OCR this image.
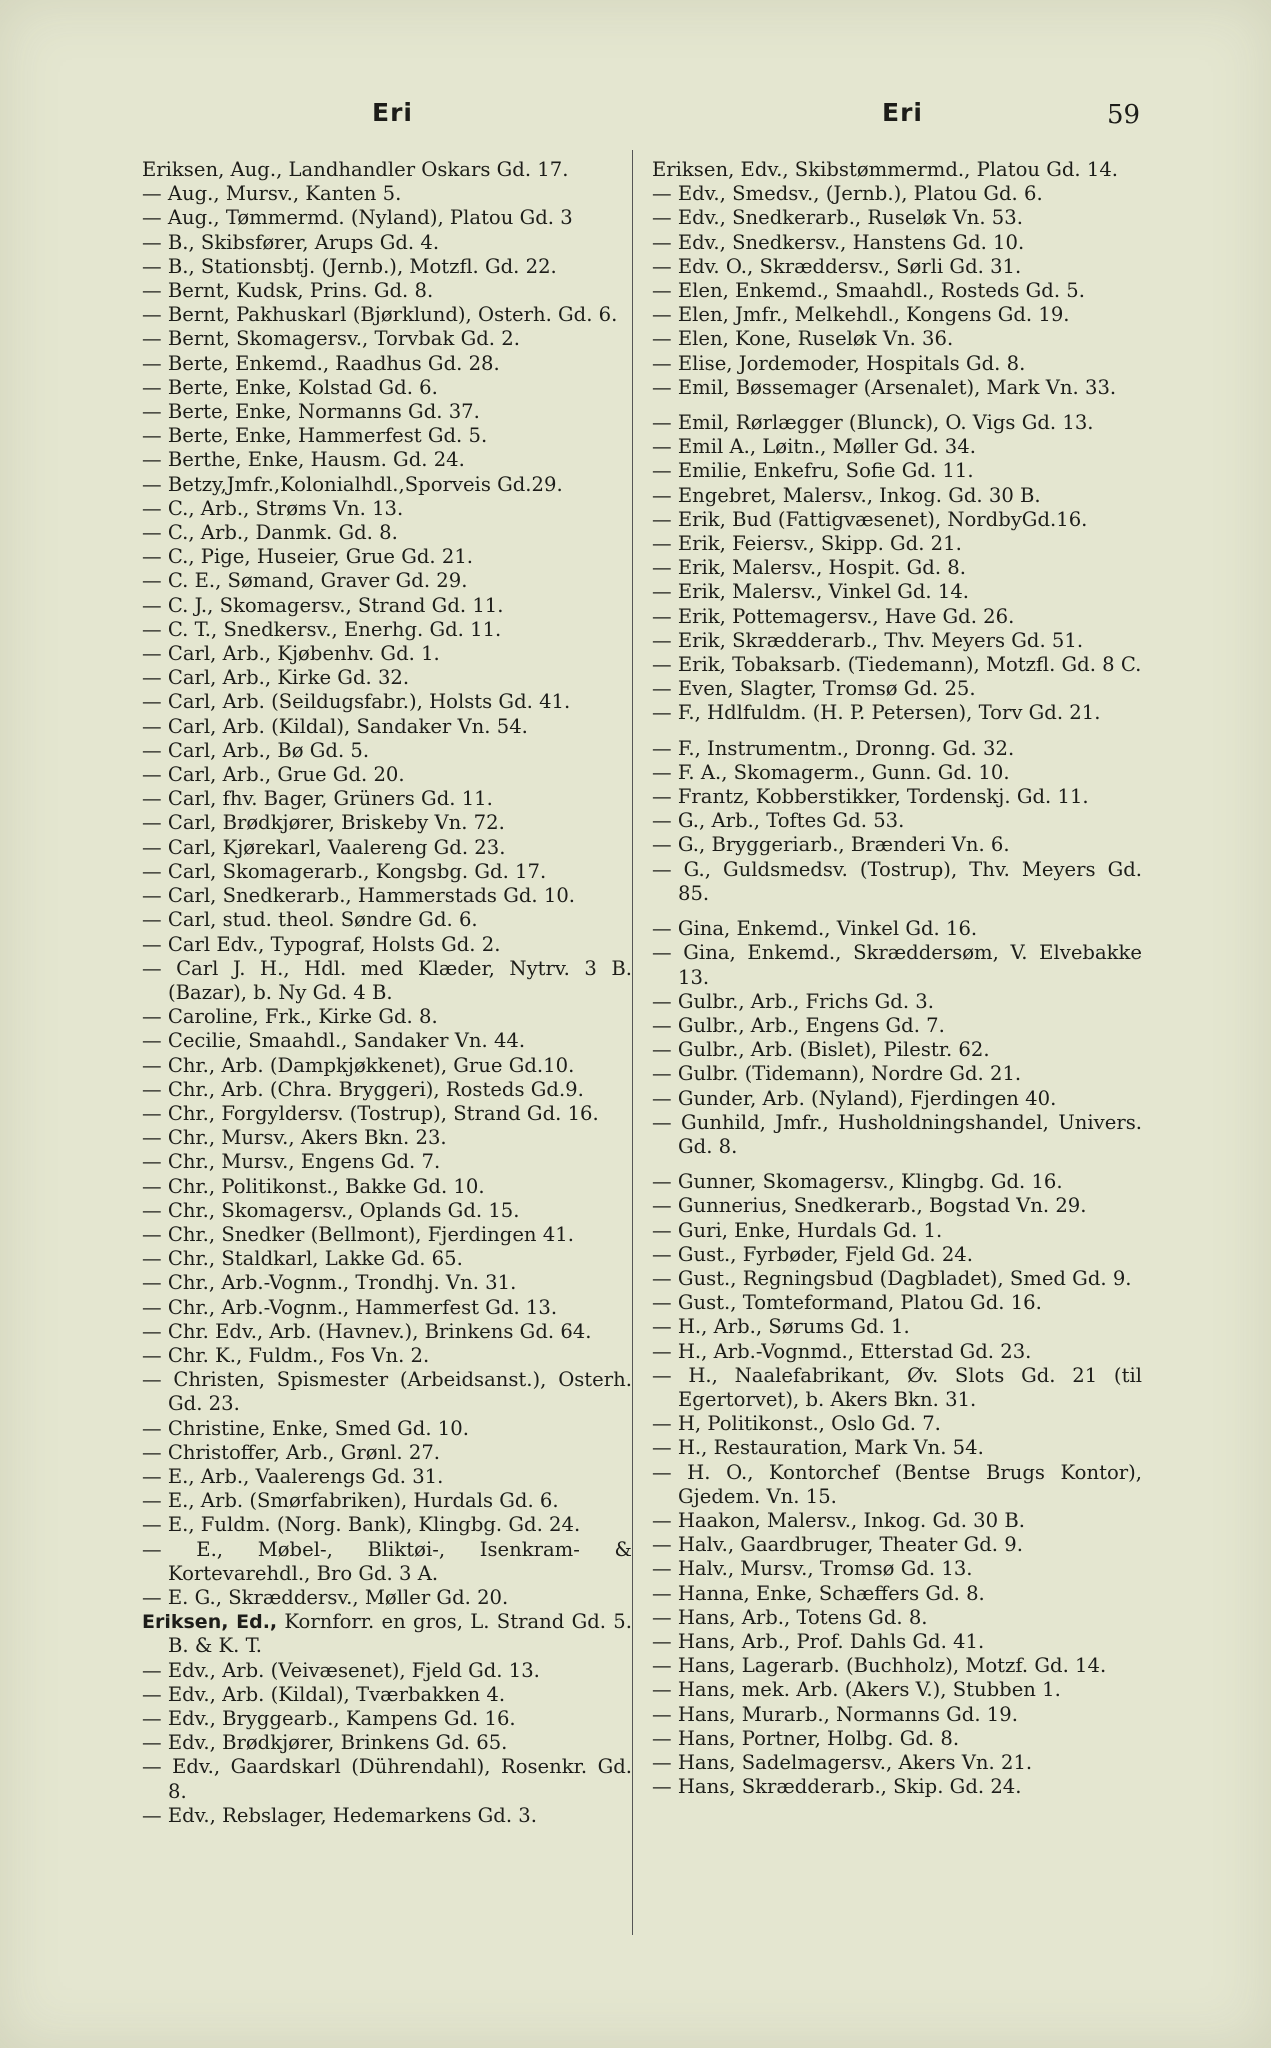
Eri	Eri	59
Eriksen, Aug., Landhandler Oskars Gd. 17.
— Aug., Mursv., Kanten 5.
— Aug., Tømmermd. (Nyland), Platou Gd. 3
— B., Skibsfører, Arups Gd. 4.
— B., Stationsbtj. (Jernb.), Motzfl. Gd. 22.
— Bernt, Kudsk, Prins. Gd. 8.
— Bernt, Pakhuskarl (Bjørklund), Osterh. Gd. 6.
— Bernt, Skomagersv., Torvbak Gd. 2.
— Berte, Enkemd., Raadhus Gd. 28.
— Berte, Enke, Kolstad Gd. 6.
— Berte, Enke, Normanns Gd. 37.
— Berte, Enke, Hammerfest Gd. 5.
— Berthe, Enke, Hausm. Gd. 24.
— Betzy,Jmfr.,Kolonialhdl.,Sporveis Gd.29.
— C., Arb., Strøms Vn. 13.
— C., Arb., Danmk. Gd. 8.
— C., Pige, Huseier, Grue Gd. 21.
— C. E., Sømand, Graver Gd. 29.
— C. J., Skomagersv., Strand Gd. 11.
— C. T., Snedkersv., Enerhg. Gd. 11.
— Carl, Arb., Kjøbenhv. Gd. 1.
— Carl, Arb., Kirke Gd. 32.
— Carl, Arb. (Seildugsfabr.), Holsts Gd. 41.
— Carl, Arb. (Kildal), Sandaker Vn. 54.
— Carl, Arb., Bø Gd. 5.
— Carl, Arb., Grue Gd. 20.
— Carl, fhv. Bager, Grüners Gd. 11.
— Carl, Brødkjører, Briskeby Vn. 72.
— Carl, Kjørekarl, Vaalereng Gd. 23.
— Carl, Skomagerarb., Kongsbg. Gd. 17.
— Carl, Snedkerarb., Hammerstads Gd. 10.
— Carl, stud. theol. Søndre Gd. 6.
— Carl Edv., Typograf, Holsts Gd. 2.
— Carl J. H., Hdl. med Klæder, Nytrv. 3 B. (Bazar), b. Ny Gd. 4 B.
— Caroline, Frk., Kirke Gd. 8.
— Cecilie, Smaahdl., Sandaker Vn. 44.
— Chr., Arb. (Dampkjøkkenet), Grue Gd.10.
— Chr., Arb. (Chra. Bryggeri), Rosteds Gd.9.
— Chr., Forgyldersv. (Tostrup), Strand Gd. 16.
— Chr., Mursv., Akers Bkn. 23.
— Chr., Mursv., Engens Gd. 7.
— Chr., Politikonst., Bakke Gd. 10.
— Chr., Skomagersv., Oplands Gd. 15.
— Chr., Snedker (Bellmont), Fjerdingen 41.
— Chr., Staldkarl, Lakke Gd. 65.
— Chr., Arb.-Vognm., Trondhj. Vn. 31.
— Chr., Arb.-Vognm., Hammerfest Gd. 13.
— Chr. Edv., Arb. (Havnev.), Brinkens Gd. 64.
— Chr. K., Fuldm., Fos Vn. 2.
— Christen, Spismester (Arbeidsanst.), Osterh. Gd. 23.
— Christine, Enke, Smed Gd. 10.
— Christoffer, Arb., Grønl. 27.
— E., Arb., Vaalerengs Gd. 31.
— E., Arb. (Smørfabriken), Hurdals Gd. 6.
— E., Fuldm. (Norg. Bank), Klingbg. Gd. 24.
— E., Møbel-, Bliktøi-, Isenkram- & Kortevarehdl., Bro Gd. 3 A.
— E. G., Skræddersv., Møller Gd. 20.
Eriksen, Ed., Kornforr. en gros, L. Strand Gd. 5. B. & K. T.
— Edv., Arb. (Veivæsenet), Fjeld Gd. 13.
— Edv., Arb. (Kildal), Tværbakken 4.
— Edv., Bryggearb., Kampens Gd. 16.
— Edv., Brødkjører, Brinkens Gd. 65.
— Edv., Gaardskarl (Dührendahl), Rosenkr. Gd. 8.
— Edv., Rebslager, Hedemarkens Gd. 3.
Eriksen, Edv., Skibstømmermd., Platou Gd. 14.
— Edv., Smedsv., (Jernb.), Platou Gd. 6.
— Edv., Snedkerarb., Ruseløk Vn. 53.
— Edv., Snedkersv., Hanstens Gd. 10.
— Edv. O., Skræddersv., Sørli Gd. 31.
— Elen, Enkemd., Smaahdl., Rosteds Gd. 5.
— Elen, Jmfr., Melkehdl., Kongens Gd. 19.
— Elen, Kone, Ruseløk Vn. 36.
— Elise, Jordemoder, Hospitals Gd. 8.
— Emil, Bøssemager (Arsenalet), Mark Vn. 33.
— Emil, Rørlægger (Blunck), O. Vigs Gd. 13.
— Emil A., Løitn., Møller Gd. 34.
— Emilie, Enkefru, Sofie Gd. 11.
— Engebret, Malersv., Inkog. Gd. 30 B.
— Erik, Bud (Fattigvæsenet), NordbyGd.16.
— Erik, Feiersv., Skipp. Gd. 21.
— Erik, Malersv., Hospit. Gd. 8.
— Erik, Malersv., Vinkel Gd. 14.
— Erik, Pottemagersv., Have Gd. 26.
— Erik, Skræddeгarb., Thv. Meyers Gd. 51.
— Erik, Tobaksarb. (Tiedemann), Motzfl. Gd. 8 C.
— Even, Slagter, Tromsø Gd. 25.
— F., Hdlfuldm. (H. P. Petersen), Torv Gd. 21.
— F., Instrumentm., Dronng. Gd. 32.
— F. A., Skomagerm., Gunn. Gd. 10.
— Frantz, Kobberstikker, Tordenskj. Gd. 11.
— G., Arb., Toftes Gd. 53.
— G., Bryggeriarb., Brænderi Vn. 6.
— G., Guldsmedsv. (Tostrup), Thv. Meyers Gd. 85.
— Gina, Enkemd., Vinkel Gd. 16.
— Gina, Enkemd., Skræddersøm, V. Elvebakke 13.
— Gulbr., Arb., Frichs Gd. 3.
— Gulbr., Arb., Engens Gd. 7.
— Gulbr., Arb. (Bislet), Pilestr. 62.
— Gulbr. (Tidemann), Nordre Gd. 21.
— Gunder, Arb. (Nyland), Fjerdingen 40.
— Gunhild, Jmfr., Husholdningshandel, Univers. Gd. 8.
— Gunner, Skomagersv., Klingbg. Gd. 16.
— Gunnerius, Snedkerarb., Bogstad Vn. 29.
— Guri, Enke, Hurdals Gd. 1.
— Gust., Fyrbøder, Fjeld Gd. 24.
— Gust., Regningsbud (Dagbladet), Smed Gd. 9.
— Gust., Tomteformand, Platou Gd. 16.
— H., Arb., Sørums Gd. 1.
— H., Arb.-Vognmd., Etterstad Gd. 23.
— H., Naalefabrikant, Øv. Slots Gd. 21 (til Egertorvet), b. Akers Bkn. 31.
— H, Politikonst., Oslo Gd. 7.
— H., Restauration, Mark Vn. 54.
— H. O., Kontorchef (Bentse Brugs Kontor), Gjedem. Vn. 15.
— Haakon, Malersv., Inkog. Gd. 30 B.
— Halv., Gaardbruger, Theater Gd. 9.
— Halv., Mursv., Tromsø Gd. 13.
— Hanna, Enke, Schæffers Gd. 8.
— Hans, Arb., Totens Gd. 8.
— Hans, Arb., Prof. Dahls Gd. 41.
— Hans, Lagerarb. (Buchholz), Motzf. Gd. 14.
— Hans, mek. Arb. (Akers V.), Stubben 1.
— Hans, Murarb., Normanns Gd. 19.
— Hans, Portner, Holbg. Gd. 8.
— Hans, Sadelmagersv., Akers Vn. 21.
— Hans, Skrædderarb., Skip. Gd. 24.
